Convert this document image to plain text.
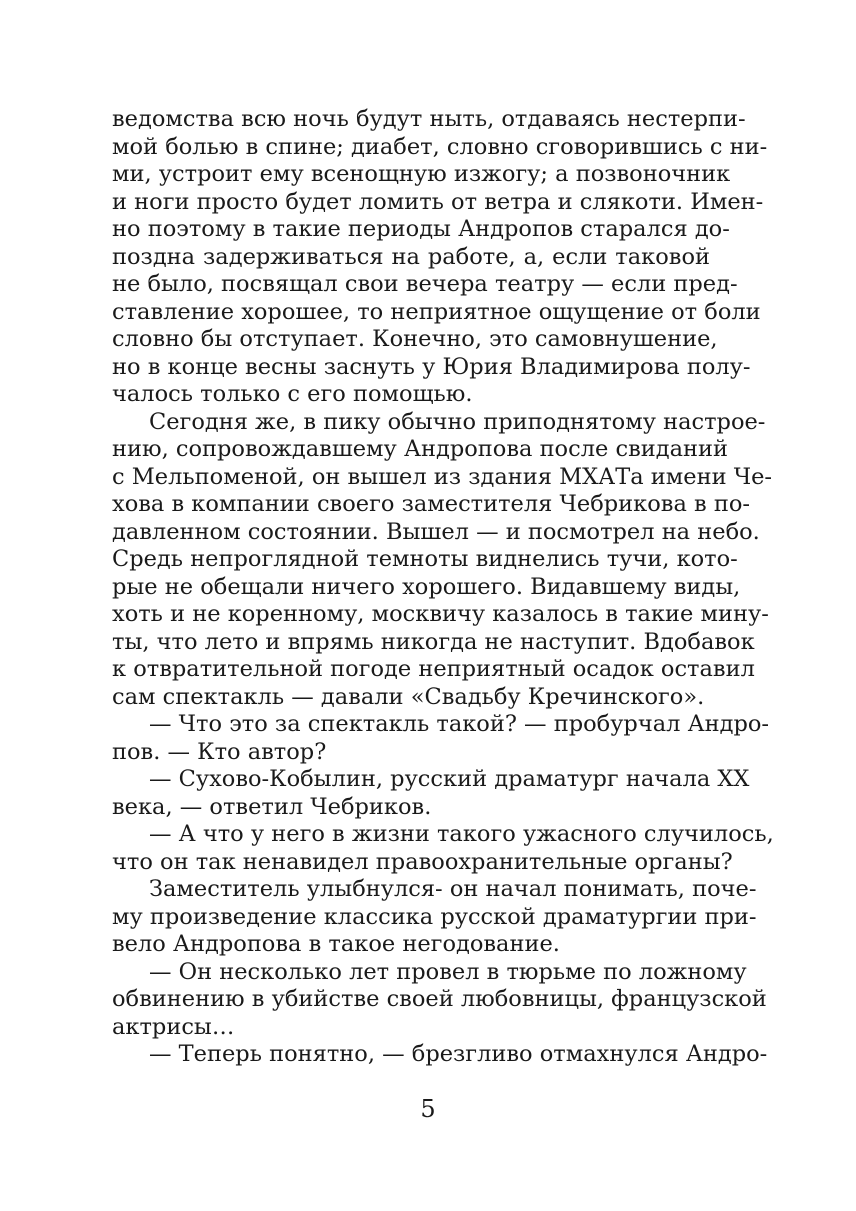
ведомства всю ночь будут ныть, отдаваясь нестерпи-
мой болью в спине; диабет, словно сговорившись с ни-
ми, устроит ему всенощную изжогу; а позвоночник
и ноги просто будет ломить от ветра и слякоти. Имен-
но поэтому в такие периоды Андропов старался до-
поздна задерживаться на работе, а, если таковой
не было, посвящал свои вечера театру — если пред-
ставление хорошее, то неприятное ощущение от боли
словно бы отступает. Конечно, это самовнушение,
но в конце весны заснуть у Юрия Владимирова полу-
чалось только с его помощью.
Сегодня же, в пику обычно приподнятому настрое-
нию, сопровождавшему Андропова после свиданий
с Мельпоменой, он вышел из здания МХАТа имени Че-
хова в компании своего заместителя Чебрикова в по-
давленном состоянии. Вышел — и посмотрел на небо.
Средь непроглядной темноты виднелись тучи, кото-
рые не обещали ничего хорошего. Видавшему виды,
хоть и не коренному, москвичу казалось в такие мину-
ты, что лето и впрямь никогда не наступит. Вдобавок
к отвратительной погоде неприятный осадок оставил
сам спектакль — давали «Свадьбу Кречинского».
— Что это за спектакль такой? — пробурчал Андро-
пов. — Кто автор?
— Сухово-Кобылин, русский драматург начала XX
века, — ответил Чебриков.
— А что у него в жизни такого ужасного случилось,
что он так ненавидел правоохранительные органы?
Заместитель улыбнулся- он начал понимать, поче-
му произведение классика русской драматургии при-
вело Андропова в такое негодование.
— Он несколько лет провел в тюрьме по ложному
обвинению в убийстве своей любовницы, французской
актрисы…
— Теперь понятно, — брезгливо отмахнулся Андро-
5
